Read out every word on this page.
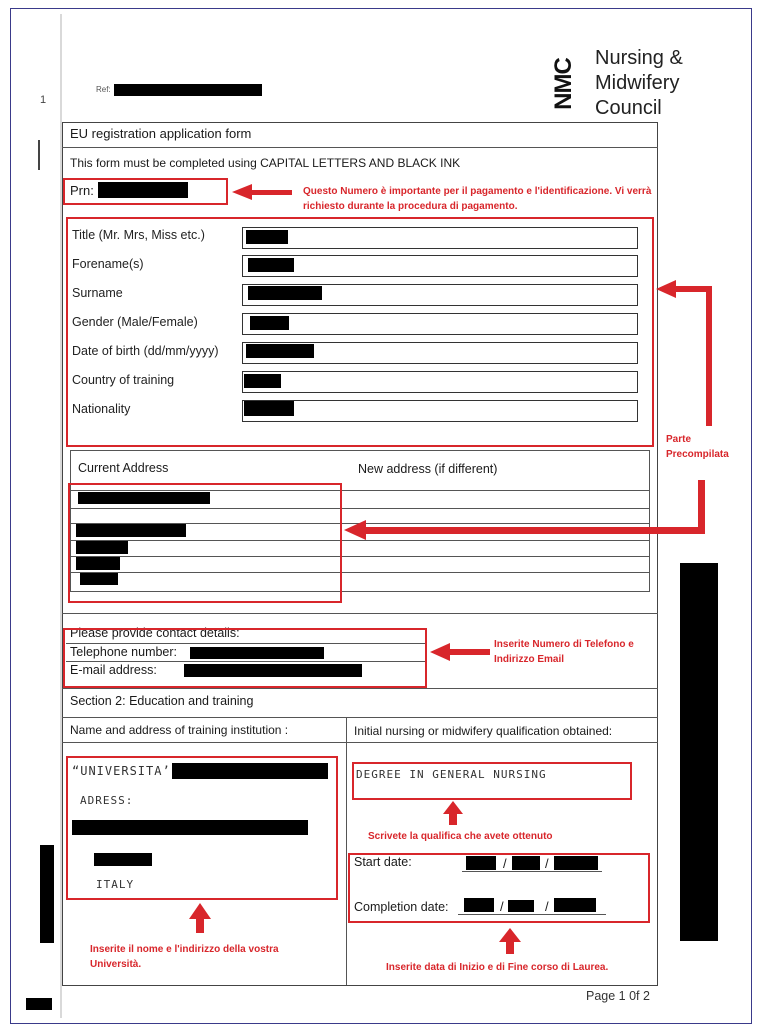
1
Ref:	NMC
Nursing &
Midwifery
Council
EU registration application form
This form must be completed using CAPITAL LETTERS AND BLACK INK
Prn:	Questo Numero è importante per il pagamento e l'identificazione. Vi verrà richiesto durante la procedura di pagamento.
Title (Mr. Mrs, Miss etc.)
Forename(s)
Surname
Gender (Male/Female)
Date of birth (dd/mm/yyyy)
Country of training
Nationality
Parte Precompilata
Current Address	New address (if different)
Please provide contact details:
Telephone number:
E-mail address:
Inserite Numero di Telefono e Indirizzo Email
Section 2: Education and training
Name and address of training institution :	Initial nursing or midwifery qualification obtained:
“UNIVERSITA’
ADRESS:
ITALY
Inserite il nome e l'indirizzo della vostra Università.
DEGREE IN GENERAL NURSING
Scrivete la qualifica che avete ottenuto
Start date:	/	/
Completion date:	/	/
Inserite data di Inizio e di Fine corso di Laurea.
Page 1 0f 2
